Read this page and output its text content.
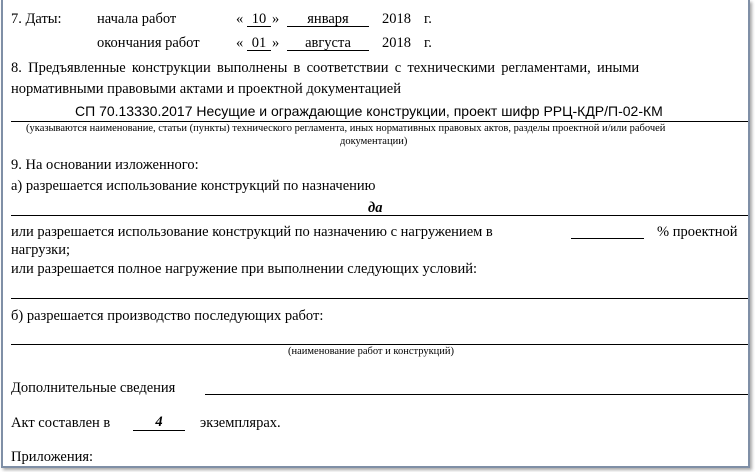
7. Даты: начала работ	« 10 »	января	2018 г.
окончания работ	« 01 »	августа	2018 г.
8. Предъявленные конструкции выполнены в соответствии с техническими регламентами, иными
нормативными правовыми актами и проектной документацией
СП 70.13330.2017 Несущие и ограждающие конструкции, проект шифр РРЦ-КДР/П-02-КМ
(указываются наименование, статьи (пункты) технического регламента, иных нормативных правовых актов, разделы проектной и/или рабочей
документации)
9. На основании изложенного:
а) разрешается использование конструкций по назначению
да
или разрешается использование конструкций по назначению с нагружением в	% проектной
нагрузки;
или разрешается полное нагружение при выполнении следующих условий:
б) разрешается производство последующих работ:
(наименование работ и конструкций)
Дополнительные сведения
Акт составлен в	4	экземплярах.
Приложения:
